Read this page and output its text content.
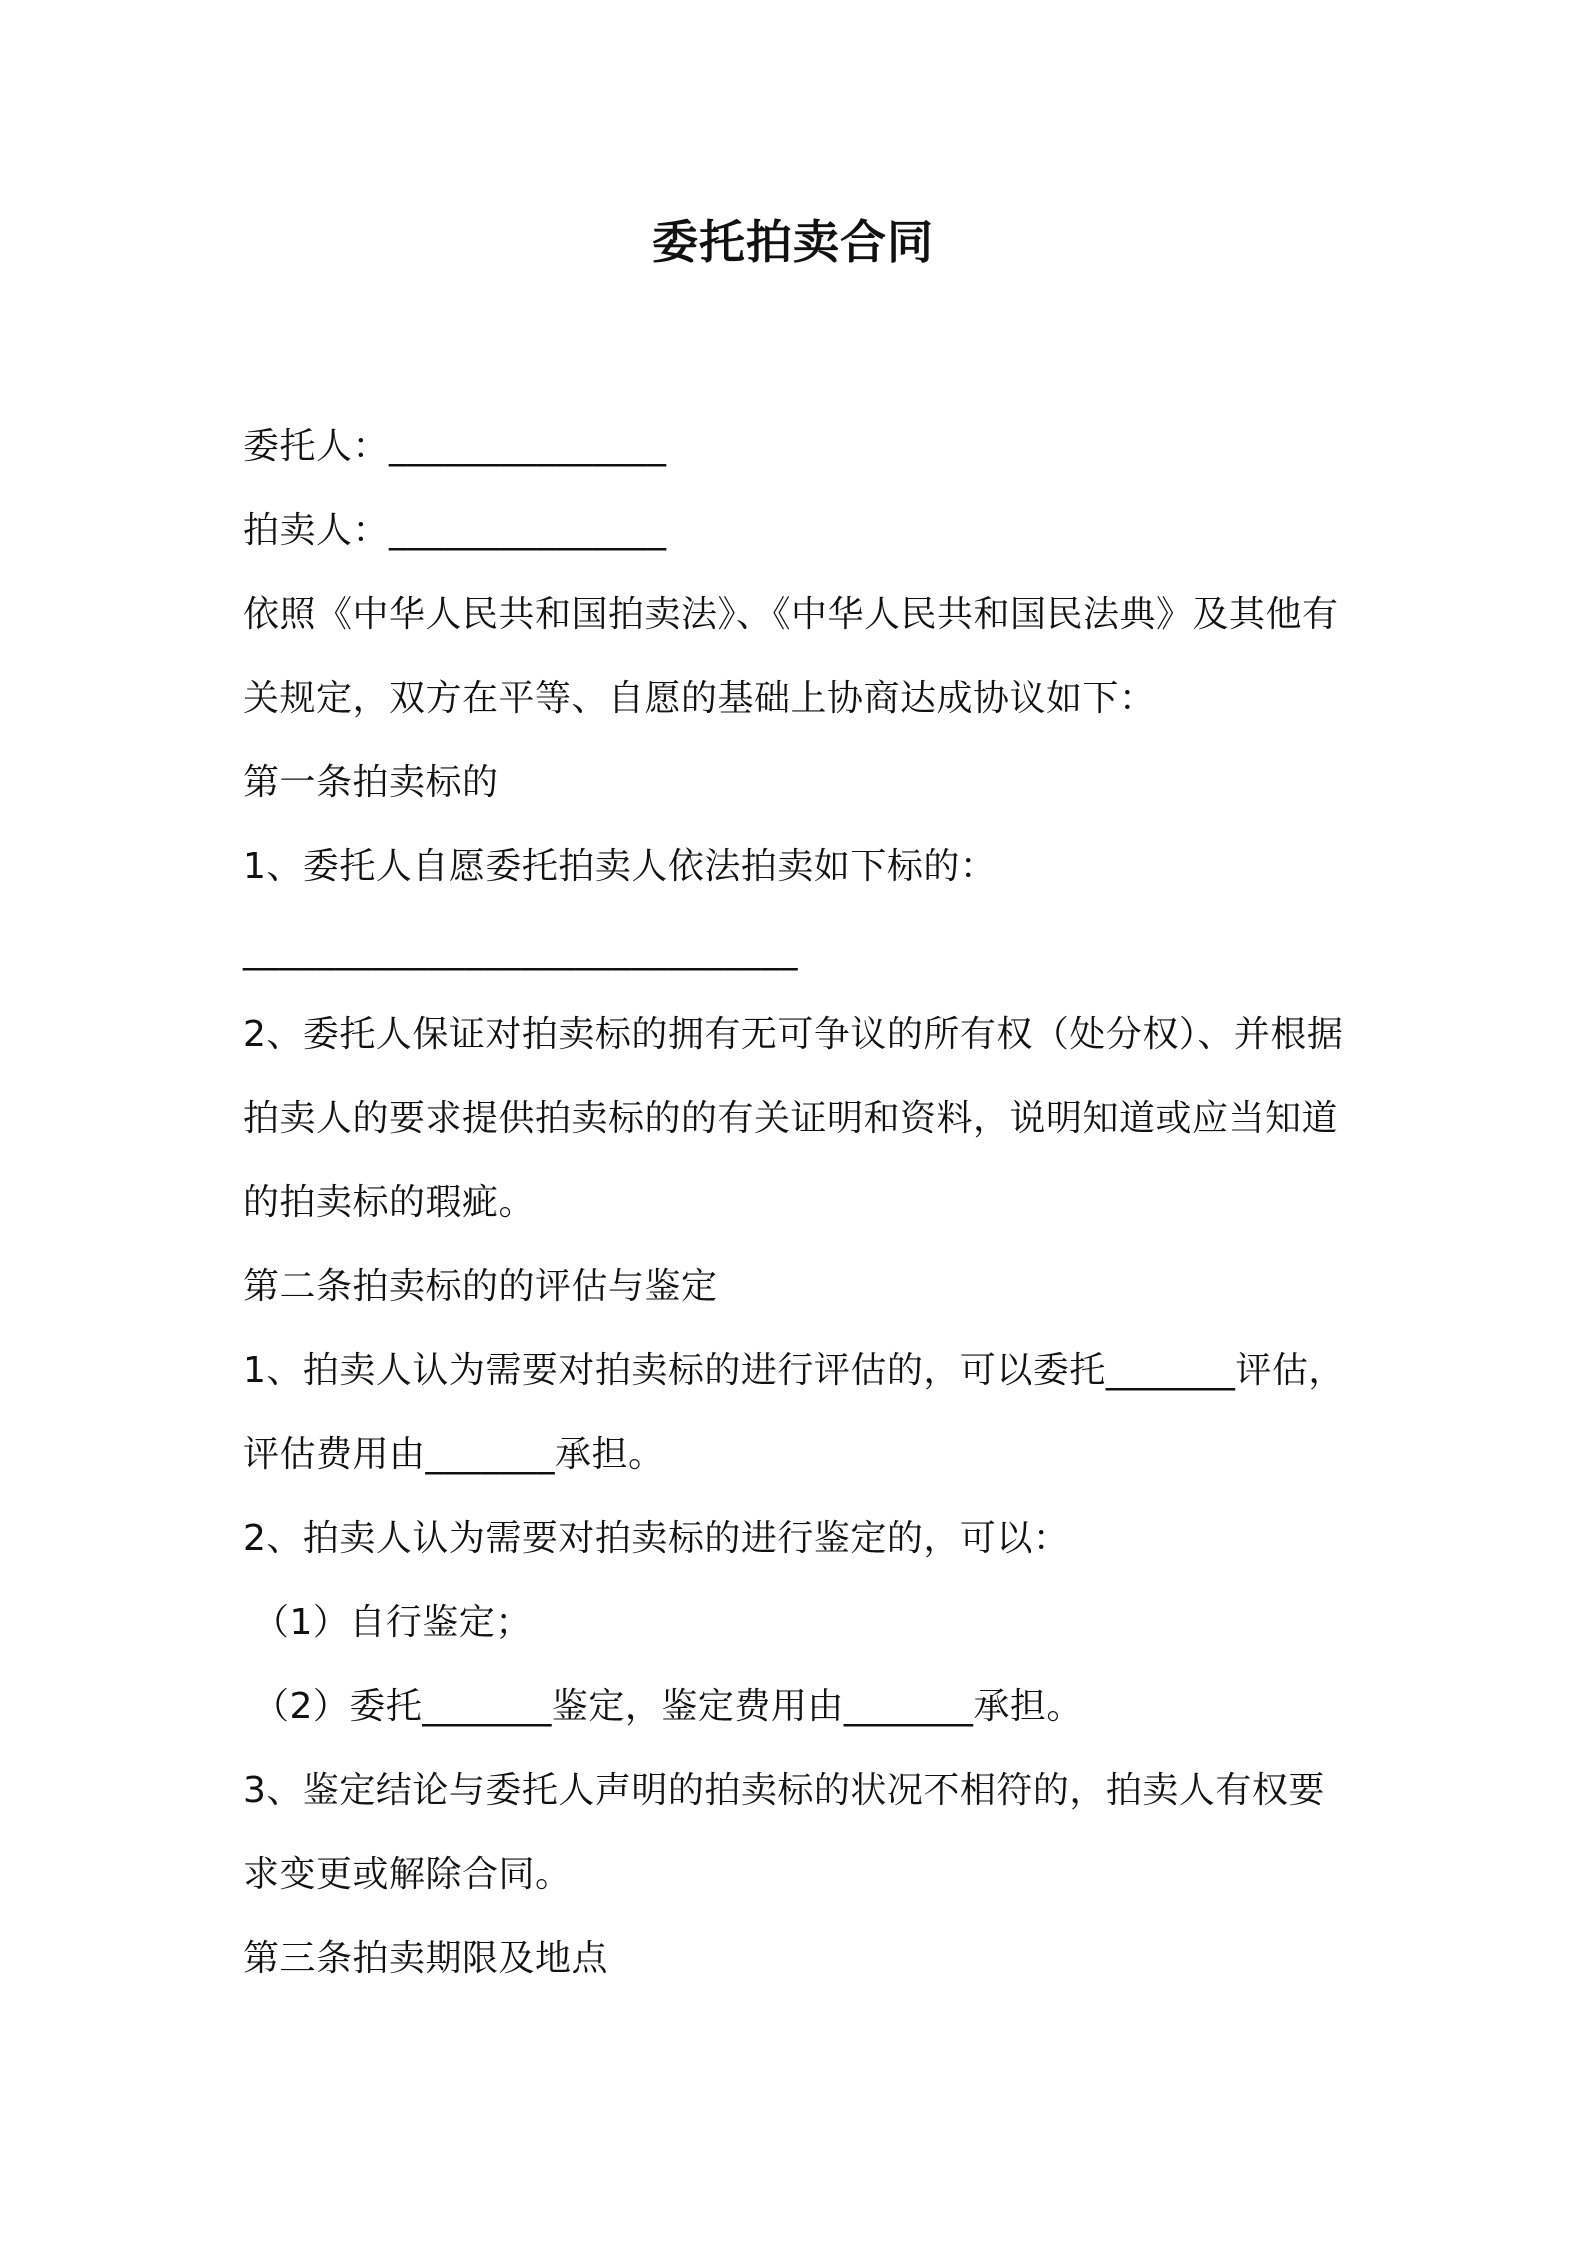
委托拍卖合同
委托人：_______________
拍卖人：_______________
依照《中华人民共和国拍卖法》、《中华人民共和国民法典》及其他有
关规定，双方在平等、自愿的基础上协商达成协议如下：
第一条拍卖标的
1、委托人自愿委托拍卖人依法拍卖如下标的：
______________________________
2、委托人保证对拍卖标的拥有无可争议的所有权（处分权）、并根据
拍卖人的要求提供拍卖标的的有关证明和资料，说明知道或应当知道
的拍卖标的瑕疵。
第二条拍卖标的的评估与鉴定
1、拍卖人认为需要对拍卖标的进行评估的，可以委托_______评估，
评估费用由_______承担。
2、拍卖人认为需要对拍卖标的进行鉴定的，可以：
（1）自行鉴定；
（2）委托_______鉴定，鉴定费用由_______承担。
3、鉴定结论与委托人声明的拍卖标的状况不相符的，拍卖人有权要
求变更或解除合同。
第三条拍卖期限及地点
